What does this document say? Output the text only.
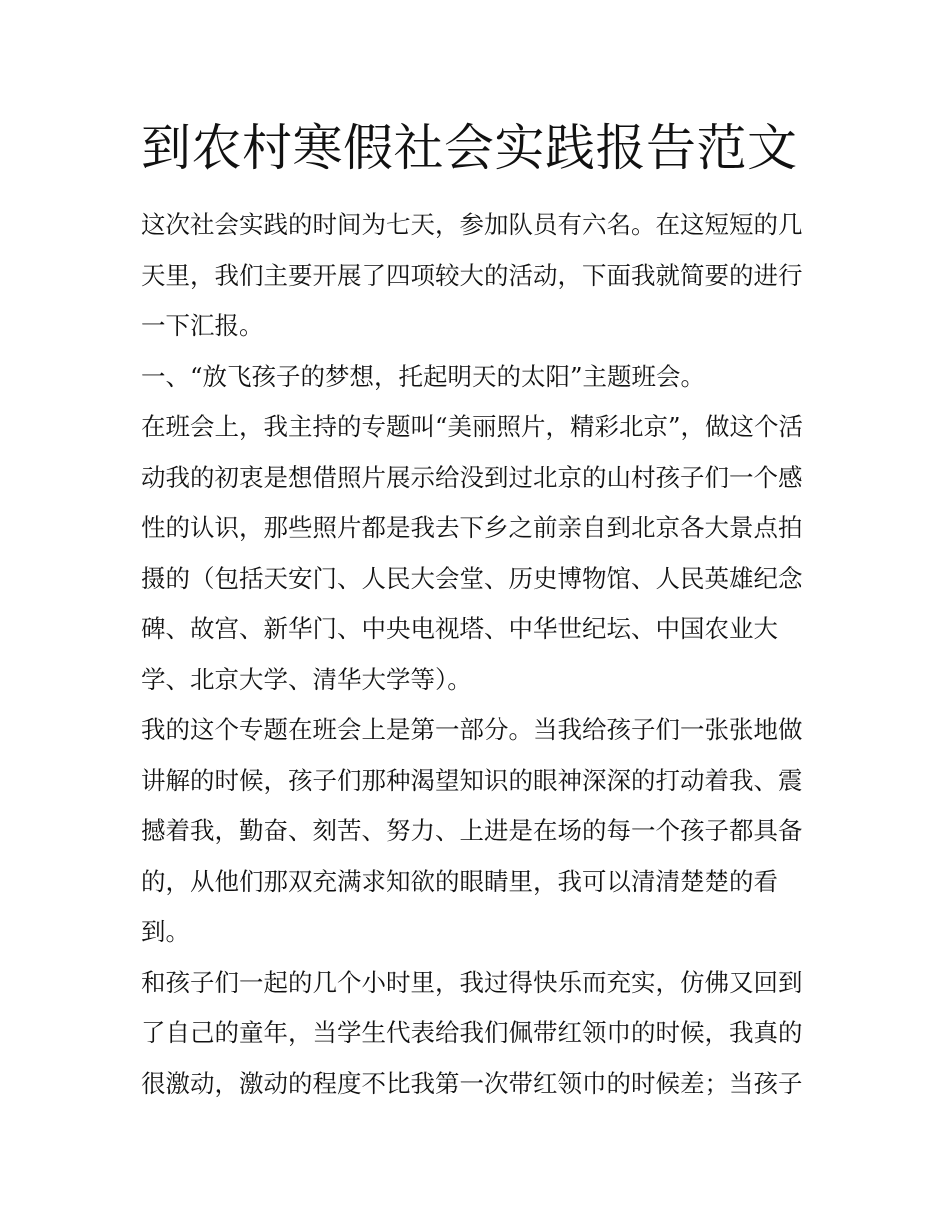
到农村寒假社会实践报告范文

这次社会实践的时间为七天，参加队员有六名。在这短短的几
天里，我们主要开展了四项较大的活动，下面我就简要的进行
一下汇报。

一、“放飞孩子的梦想，托起明天的太阳”主题班会。

在班会上，我主持的专题叫“美丽照片，精彩北京”，做这个活
动我的初衷是想借照片展示给没到过北京的山村孩子们一个感
性的认识，那些照片都是我去下乡之前亲自到北京各大景点拍
摄的（包括天安门、人民大会堂、历史博物馆、人民英雄纪念
碑、故宫、新华门、中央电视塔、中华世纪坛、中国农业大
学、北京大学、清华大学等）。

我的这个专题在班会上是第一部分。当我给孩子们一张张地做
讲解的时候，孩子们那种渴望知识的眼神深深的打动着我、震
撼着我，勤奋、刻苦、努力、上进是在场的每一个孩子都具备
的，从他们那双充满求知欲的眼睛里，我可以清清楚楚的看
到。

和孩子们一起的几个小时里，我过得快乐而充实，仿佛又回到
了自己的童年，当学生代表给我们佩带红领巾的时候，我真的
很激动，激动的程度不比我第一次带红领巾的时候差；当孩子
